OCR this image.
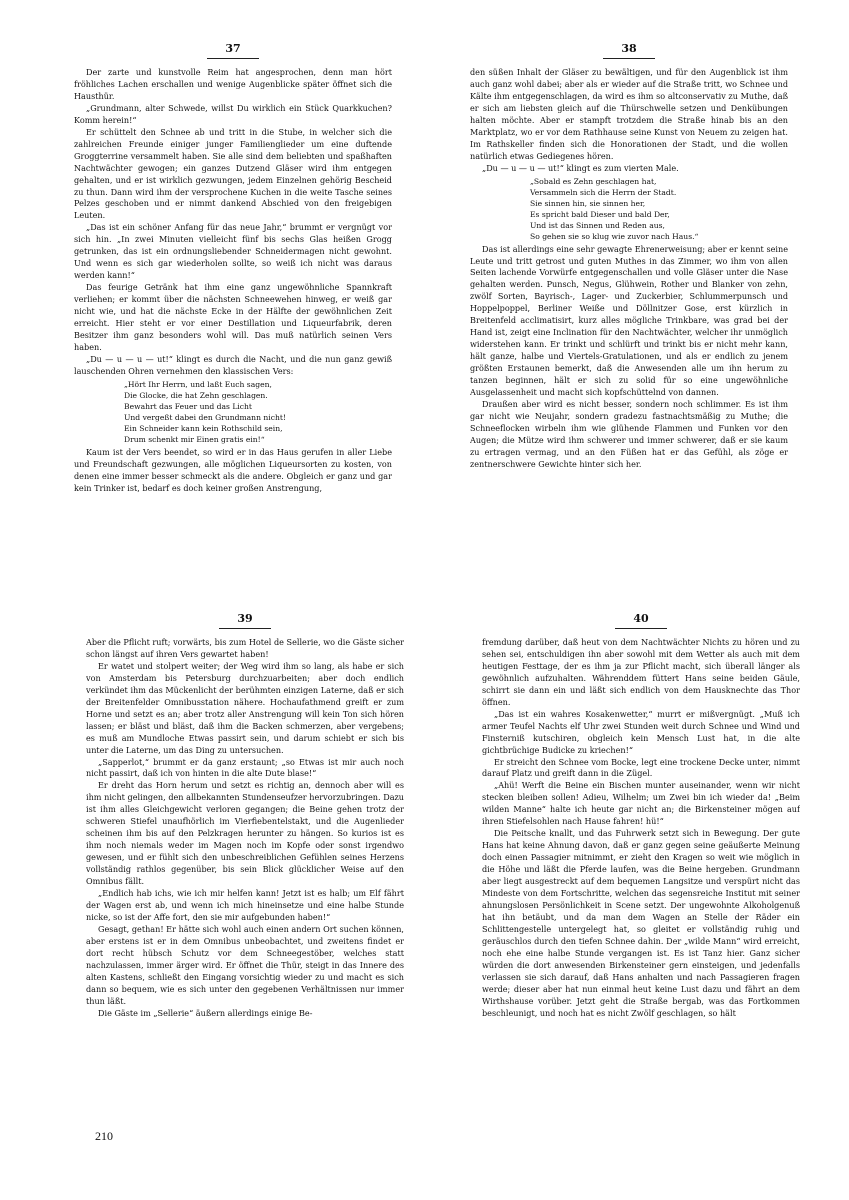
37

Der zarte und kunstvolle Reim hat angesprochen, denn man hört fröhliches Lachen erschallen und wenige Augenblicke später öffnet sich die Hausthür.

„Grundmann, alter Schwede, willst Du wirklich ein Stück Quarkkuchen? Komm herein!“

Er schüttelt den Schnee ab und tritt in die Stube, in welcher sich die zahlreichen Freunde einiger junger Familienglieder um eine duftende Groggterrine versammelt haben. Sie alle sind dem beliebten und spaßhaften Nachtwächter gewogen; ein ganzes Dutzend Gläser wird ihm entgegen gehalten, und er ist wirklich gezwungen, jedem Einzelnen gehörig Bescheid zu thun. Dann wird ihm der versprochene Kuchen in die weite Tasche seines Pelzes geschoben und er nimmt dankend Abschied von den freigebigen Leuten.

„Das ist ein schöner Anfang für das neue Jahr,“ brummt er vergnügt vor sich hin. „In zwei Minuten vielleicht fünf bis sechs Glas heißen Grogg getrunken, das ist ein ordnungsliebender Schneidermagen nicht gewohnt. Und wenn es sich gar wiederholen sollte, so weiß ich nicht was daraus werden kann!“

Das feurige Getränk hat ihm eine ganz ungewöhnliche Spannkraft verliehen; er kommt über die nächsten Schneewehen hinweg, er weiß gar nicht wie, und hat die nächste Ecke in der Hälfte der gewöhnlichen Zeit erreicht. Hier steht er vor einer Destillation und Liqueurfabrik, deren Besitzer ihm ganz besonders wohl will. Das muß natürlich seinen Vers haben.

„Du — u — u — ut!“ klingt es durch die Nacht, und die nun ganz gewiß lauschenden Ohren vernehmen den klassischen Vers:

„Hört Ihr Herrn, und laßt Euch sagen,
Die Glocke, die hat Zehn geschlagen.
Bewahrt das Feuer und das Licht
Und vergeßt dabei den Grundmann nicht!
Ein Schneider kann kein Rothschild sein,
Drum schenkt mir Einen gratis ein!“

Kaum ist der Vers beendet, so wird er in das Haus gerufen in aller Liebe und Freundschaft gezwungen, alle möglichen Liqueursorten zu kosten, von denen eine immer besser schmeckt als die andere. Obgleich er ganz und gar kein Trinker ist, bedarf es doch keiner großen Anstrengung,

38

den süßen Inhalt der Gläser zu bewältigen, und für den Augenblick ist ihm auch ganz wohl dabei; aber als er wieder auf die Straße tritt, wo Schnee und Kälte ihm entgegenschlagen, da wird es ihm so altconservativ zu Muthe, daß er sich am liebsten gleich auf die Thürschwelle setzen und Denkübungen halten möchte. Aber er stampft trotzdem die Straße hinab bis an den Marktplatz, wo er vor dem Rathhause seine Kunst von Neuem zu zeigen hat. Im Rathskeller finden sich die Honorationen der Stadt, und die wollen natürlich etwas Gediegenes hören.

„Du — u — u — ut!“ klingt es zum vierten Male.

„Sobald es Zehn geschlagen hat,
Versammeln sich die Herrn der Stadt.
Sie sinnen hin, sie sinnen her,
Es spricht bald Dieser und bald Der,
Und ist das Sinnen und Reden aus,
So gehen sie so klug wie zuvor nach Haus.“

Das ist allerdings eine sehr gewagte Ehrenerweisung; aber er kennt seine Leute und tritt getrost und guten Muthes in das Zimmer, wo ihm von allen Seiten lachende Vorwürfe entgegenschallen und volle Gläser unter die Nase gehalten werden. Punsch, Negus, Glühwein, Rother und Blanker von zehn, zwölf Sorten, Bayrisch-, Lager- und Zuckerbier, Schlummerpunsch und Hoppelpoppel, Berliner Weiße und Döllnitzer Gose, erst kürzlich in Breitenfeld acclimatisirt, kurz alles mögliche Trinkbare, was grad bei der Hand ist, zeigt eine Inclination für den Nachtwächter, welcher ihr unmöglich widerstehen kann. Er trinkt und schlürft und trinkt bis er nicht mehr kann, hält ganze, halbe und Viertels-Gratulationen, und als er endlich zu jenem größten Erstaunen bemerkt, daß die Anwesenden alle um ihn herum zu tanzen beginnen, hält er sich zu solid für so eine ungewöhnliche Ausgelassenheit und macht sich kopfschüttelnd von dannen.

Draußen aber wird es nicht besser, sondern noch schlimmer. Es ist ihm gar nicht wie Neujahr, sondern gradezu fastnachtsmäßig zu Muthe; die Schneeflocken wirbeln ihm wie glühende Flammen und Funken vor den Augen; die Mütze wird ihm schwerer und immer schwerer, daß er sie kaum zu ertragen vermag, und an den Füßen hat er das Gefühl, als zöge er zentnerschwere Gewichte hinter sich her.

39

Aber die Pflicht ruft; vorwärts, bis zum Hotel de Sellerie, wo die Gäste sicher schon längst auf ihren Vers gewartet haben!

Er watet und stolpert weiter; der Weg wird ihm so lang, als habe er sich von Amsterdam bis Petersburg durchzuarbeiten; aber doch endlich verkündet ihm das Mückenlicht der berühmten einzigen Laterne, daß er sich der Breitenfelder Omnibusstation nähere. Hochaufathmend greift er zum Horne und setzt es an; aber trotz aller Anstrengung will kein Ton sich hören lassen; er bläst und bläst, daß ihm die Backen schmerzen, aber vergebens; es muß am Mundloche Etwas passirt sein, und darum schiebt er sich bis unter die Laterne, um das Ding zu untersuchen.

„Sapperlot,“ brummt er da ganz erstaunt; „so Etwas ist mir auch noch nicht passirt, daß ich von hinten in die alte Dute blase!“

Er dreht das Horn herum und setzt es richtig an, dennoch aber will es ihm nicht gelingen, den allbekannten Stundenseufzer hervorzubringen. Dazu ist ihm alles Gleichgewicht verloren gegangen; die Beine gehen trotz der schweren Stiefel unaufhörlich im Vierfiebentelstakt, und die Augenlieder scheinen ihm bis auf den Pelzkragen herunter zu hängen. So kurios ist es ihm noch niemals weder im Magen noch im Kopfe oder sonst irgendwo gewesen, und er fühlt sich den unbeschreiblichen Gefühlen seines Herzens vollständig rathlos gegenüber, bis sein Blick glücklicher Weise auf den Omnibus fällt.

„Endlich hab ichs, wie ich mir helfen kann! Jetzt ist es halb; um Elf fährt der Wagen erst ab, und wenn ich mich hineinsetze und eine halbe Stunde nicke, so ist der Affe fort, den sie mir aufgebunden haben!“

Gesagt, gethan! Er hätte sich wohl auch einen andern Ort suchen können, aber erstens ist er in dem Omnibus unbeobachtet, und zweitens findet er dort recht hübsch Schutz vor dem Schneegestöber, welches statt nachzulassen, immer ärger wird. Er öffnet die Thür, steigt in das Innere des alten Kastens, schließt den Eingang vorsichtig wieder zu und macht es sich dann so bequem, wie es sich unter den gegebenen Verhältnissen nur immer thun läßt.

Die Gäste im „Sellerie“ äußern allerdings einige Be-

40

fremdung darüber, daß heut von dem Nachtwächter Nichts zu hören und zu sehen sei, entschuldigen ihn aber sowohl mit dem Wetter als auch mit dem heutigen Festtage, der es ihm ja zur Pflicht macht, sich überall länger als gewöhnlich aufzuhalten. Währenddem füttert Hans seine beiden Gäule, schirrt sie dann ein und läßt sich endlich von dem Hausknechte das Thor öffnen.

„Das ist ein wahres Kosakenwetter,“ murrt er mißvergnügt. „Muß ich armer Teufel Nachts elf Uhr zwei Stunden weit durch Schnee und Wind und Finsterniß kutschiren, obgleich kein Mensch Lust hat, in die alte gichtbrüchige Budicke zu kriechen!“

Er streicht den Schnee vom Bocke, legt eine trockene Decke unter, nimmt darauf Platz und greift dann in die Zügel.

„Ahü! Werft die Beine ein Bischen munter auseinander, wenn wir nicht stecken bleiben sollen! Adieu, Wilhelm; um Zwei bin ich wieder da! „Beim wilden Manne“ halte ich heute gar nicht an; die Birkensteiner mögen auf ihren Stiefelsohlen nach Hause fahren! hü!“

Die Peitsche knallt, und das Fuhrwerk setzt sich in Bewegung. Der gute Hans hat keine Ahnung davon, daß er ganz gegen seine geäußerte Meinung doch einen Passagier mitnimmt, er zieht den Kragen so weit wie möglich in die Höhe und läßt die Pferde laufen, was die Beine hergeben. Grundmann aber liegt ausgestreckt auf dem bequemen Langsitze und verspürt nicht das Mindeste von dem Fortschritte, welchen das segensreiche Institut mit seiner ahnungslosen Persönlichkeit in Scene setzt. Der ungewohnte Alkoholgenuß hat ihn betäubt, und da man dem Wagen an Stelle der Räder ein Schlittengestelle untergelegt hat, so gleitet er vollständig ruhig und geräuschlos durch den tiefen Schnee dahin. Der „wilde Mann“ wird erreicht, noch ehe eine halbe Stunde vergangen ist. Es ist Tanz hier. Ganz sicher würden die dort anwesenden Birkensteiner gern einsteigen, und jedenfalls verlassen sie sich darauf, daß Hans anhalten und nach Passagieren fragen werde; dieser aber hat nun einmal heut keine Lust dazu und fährt an dem Wirthshause vorüber. Jetzt geht die Straße bergab, was das Fortkommen beschleunigt, und noch hat es nicht Zwölf geschlagen, so hält

210
